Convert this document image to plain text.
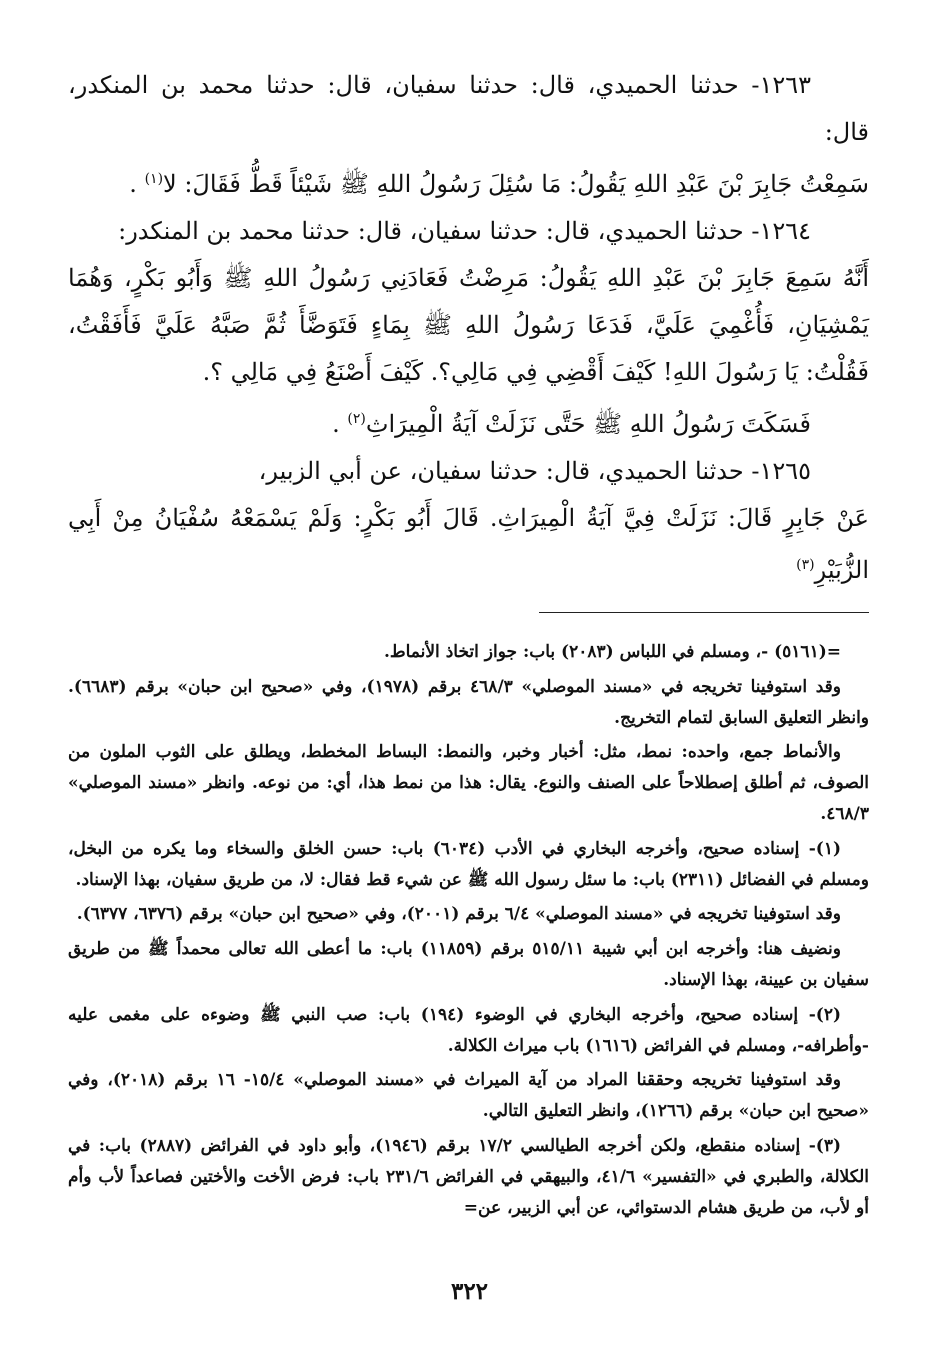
١٢٦٣- حدثنا الحميدي، قال: حدثنا سفيان، قال: حدثنا محمد بن المنكدر، قال:

سَمِعْتُ جَابِرَ بْنَ عَبْدِ اللهِ يَقُولُ: مَا سُئِلَ رَسُولُ اللهِ ﷺ شَيْئاً قَطُّ فَقَالَ: لا$^{(١)}$ .

١٢٦٤- حدثنا الحميدي، قال: حدثنا سفيان، قال: حدثنا محمد بن المنكدر:

أَنَّهُ سَمِعَ جَابِرَ بْنَ عَبْدِ اللهِ يَقُولُ: مَرِضْتُ فَعَادَنِي رَسُولُ اللهِ ﷺ وَأَبُو بَكْرٍ، وَهُمَا يَمْشِيَانِ، فَأُغْمِيَ عَلَيَّ، فَدَعَا رَسُولُ اللهِ ﷺ بِمَاءٍ فَتَوَضَّأَ ثُمَّ صَبَّهُ عَلَيَّ فَأَفَقْتُ، فَقُلْتُ: يَا رَسُولَ اللهِ! كَيْفَ أَقْضِي فِي مَالِي؟. كَيْفَ أَصْنَعُ فِي مَالِي ؟.

فَسَكَتَ رَسُولُ اللهِ ﷺ حَتَّى نَزَلَتْ آيَةُ الْمِيرَاثِ$^{(٢)}$ .

١٢٦٥- حدثنا الحميدي، قال: حدثنا سفيان، عن أبي الزبير،

عَنْ جَابِرٍ قَالَ: نَزَلَتْ فِيَّ آيَةُ الْمِيرَاثِ. قَالَ أَبُو بَكْرٍ: وَلَمْ يَسْمَعْهُ سُفْيَانُ مِنْ أَبِي الزُّبَيْرِ$^{(٣)}$

=(٥١٦١) -، ومسلم في اللباس (٢٠٨٣) باب: جواز اتخاذ الأنماط.

وقد استوفينا تخريجه في «مسند الموصلي» ٤٦٨/٣ برقم (١٩٧٨)، وفي «صحيح ابن حبان» برقم (٦٦٨٣). وانظر التعليق السابق لتمام التخريج.

والأنماط جمع، واحده: نمط، مثل: أخبار وخبر، والنمط: البساط المخطط، ويطلق على الثوب الملون من الصوف، ثم أطلق إصطلاحاً على الصنف والنوع. يقال: هذا من نمط هذا، أي: من نوعه. وانظر «مسند الموصلي» ٤٦٨/٣.

(١)- إسناده صحيح، وأخرجه البخاري في الأدب (٦٠٣٤) باب: حسن الخلق والسخاء وما يكره من البخل، ومسلم في الفضائل (٢٣١١) باب: ما سئل رسول الله ﷺ عن شيء قط فقال: لا، من طريق سفيان، بهذا الإسناد.

وقد استوفينا تخريجه في «مسند الموصلي» ٦/٤ برقم (٢٠٠١)، وفي «صحيح ابن حبان» برقم (٦٣٧٦، ٦٣٧٧).

ونضيف هنا: وأخرجه ابن أبي شيبة ٥١٥/١١ برقم (١١٨٥٩) باب: ما أعطى الله تعالى محمداً ﷺ من طريق سفيان بن عيينة، بهذا الإسناد.

(٢)- إسناده صحيح، وأخرجه البخاري في الوضوء (١٩٤) باب: صب النبي ﷺ وضوءه على مغمى عليه -وأطرافه-، ومسلم في الفرائض (١٦١٦) باب ميراث الكلالة.

وقد استوفينا تخريجه وحققنا المراد من آية الميراث في «مسند الموصلي» ١٥/٤- ١٦ برقم (٢٠١٨)، وفي «صحيح ابن حبان» برقم (١٢٦٦)، وانظر التعليق التالي.

(٣)- إسناده منقطع، ولكن أخرجه الطيالسي ١٧/٢ برقم (١٩٤٦)، وأبو داود في الفرائض (٢٨٨٧) باب: في الكلالة، والطبري في «التفسير» ٤١/٦، والبيهقي في الفرائض ٢٣١/٦ باب: فرض الأخت والأختين فصاعداً لأب وأم أو لأب، من طريق هشام الدستوائي، عن أبي الزبير، عن=

٣٢٢
